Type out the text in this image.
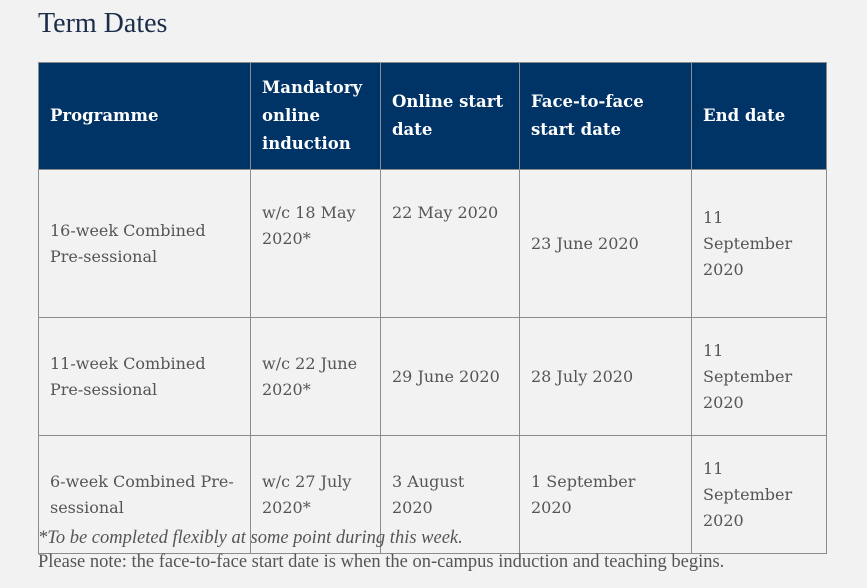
Term Dates
Programme	Mandatory online induction	Online start date	Face-to-face start date	End date
16-week Combined Pre-sessional	w/c 18 May 2020*	22 May 2020	23 June 2020	11 September 2020
11-week Combined Pre-sessional	w/c 22 June 2020*	29 June 2020	28 July 2020	11 September 2020
6-week Combined Pre-sessional	w/c 27 July 2020*	3 August 2020	1 September 2020	11 September 2020

*To be completed flexibly at some point during this week.

Please note: the face-to-face start date is when the on-campus induction and teaching begins.
